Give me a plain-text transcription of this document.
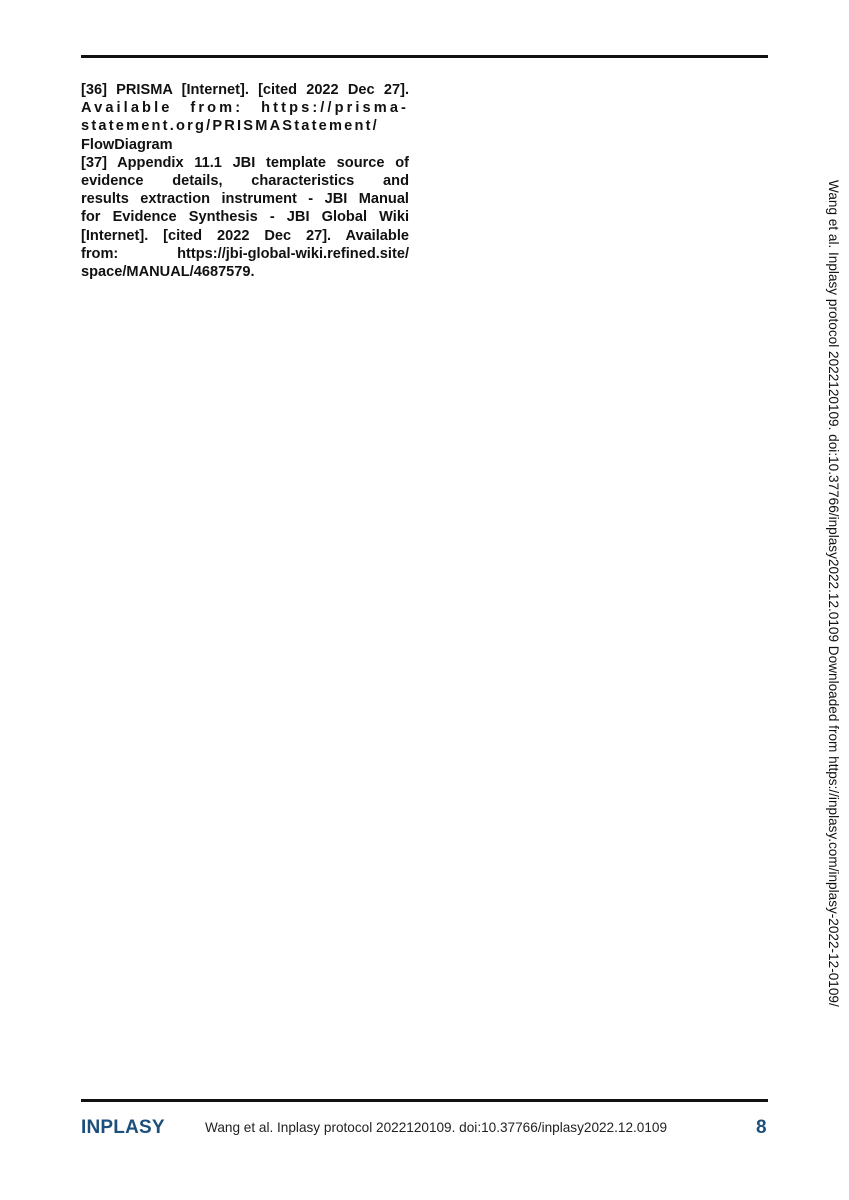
[36] PRISMA [Internet]. [cited 2022 Dec 27].
Available from: https://prisma-
statement.org/PRISMAStatement/
FlowDiagram
[37] Appendix 11.1 JBI template source of
evidence details, characteristics and
results extraction instrument - JBI Manual
for Evidence Synthesis - JBI Global Wiki
[Internet]. [cited 2022 Dec 27]. Available
from: https://jbi-global-wiki.refined.site/
space/MANUAL/4687579.	Wang et al. Inplasy protocol 2022120109. doi:10.37766/inplasy2022.12.0109 Downloaded from https://inplasy.com/inplasy-2022-12-0109/
INPLASY	Wang et al. Inplasy protocol 2022120109. doi:10.37766/inplasy2022.12.0109	8
